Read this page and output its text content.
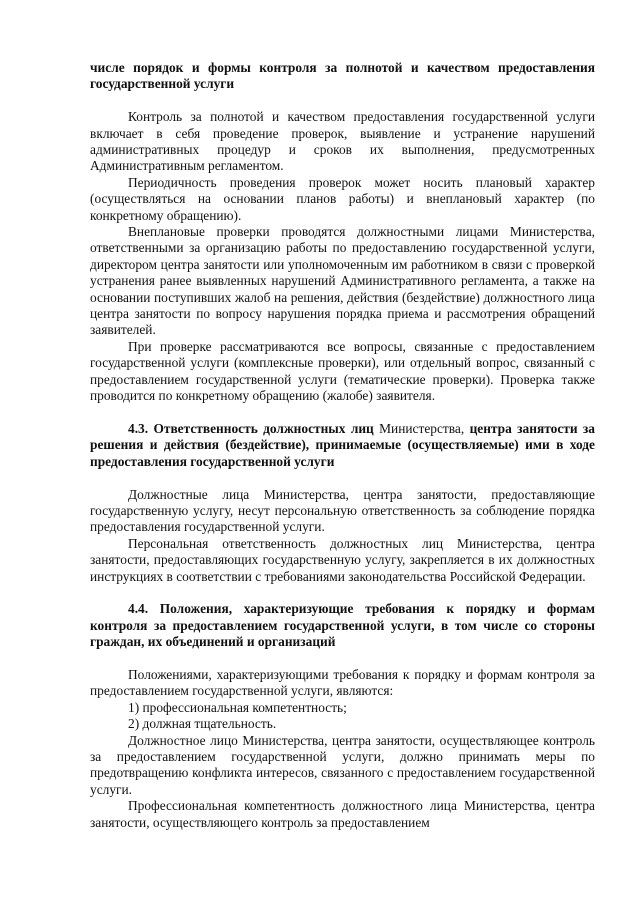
числе порядок и формы контроля за полнотой и качеством предоставления государственной услуги

Контроль за полнотой и качеством предоставления государственной услуги включает в себя проведение проверок, выявление и устранение нарушений административных процедур и сроков их выполнения, предусмотренных Административным регламентом.

Периодичность проведения проверок может носить плановый характер (осуществляться на основании планов работы) и внеплановый характер (по конкретному обращению).

Внеплановые проверки проводятся должностными лицами Министерства, ответственными за организацию работы по предоставлению государственной услуги, директором центра занятости или уполномоченным им работником в связи с проверкой устранения ранее выявленных нарушений Административного регламента, а также на основании поступивших жалоб на решения, действия (бездействие) должностного лица центра занятости по вопросу нарушения порядка приема и рассмотрения обращений заявителей.

При проверке рассматриваются все вопросы, связанные с предоставлением государственной услуги (комплексные проверки), или отдельный вопрос, связанный с предоставлением государственной услуги (тематические проверки). Проверка также проводится по конкретному обращению (жалобе) заявителя.

4.3. Ответственность должностных лиц Министерства, центра занятости за решения и действия (бездействие), принимаемые (осуществляемые) ими в ходе предоставления государственной услуги

Должностные лица Министерства, центра занятости, предоставляющие государственную услугу, несут персональную ответственность за соблюдение порядка предоставления государственной услуги.

Персональная ответственность должностных лиц Министерства, центра занятости, предоставляющих государственную услугу, закрепляется в их должностных инструкциях в соответствии с требованиями законодательства Российской Федерации.

4.4. Положения, характеризующие требования к порядку и формам контроля за предоставлением государственной услуги, в том числе со стороны граждан, их объединений и организаций

Положениями, характеризующими требования к порядку и формам контроля за предоставлением государственной услуги, являются:

1) профессиональная компетентность;

2) должная тщательность.

Должностное лицо Министерства, центра занятости, осуществляющее контроль за предоставлением государственной услуги, должно принимать меры по предотвращению конфликта интересов, связанного с предоставлением государственной услуги.

Профессиональная компетентность должностного лица Министерства, центра занятости, осуществляющего контроль за предоставлением
